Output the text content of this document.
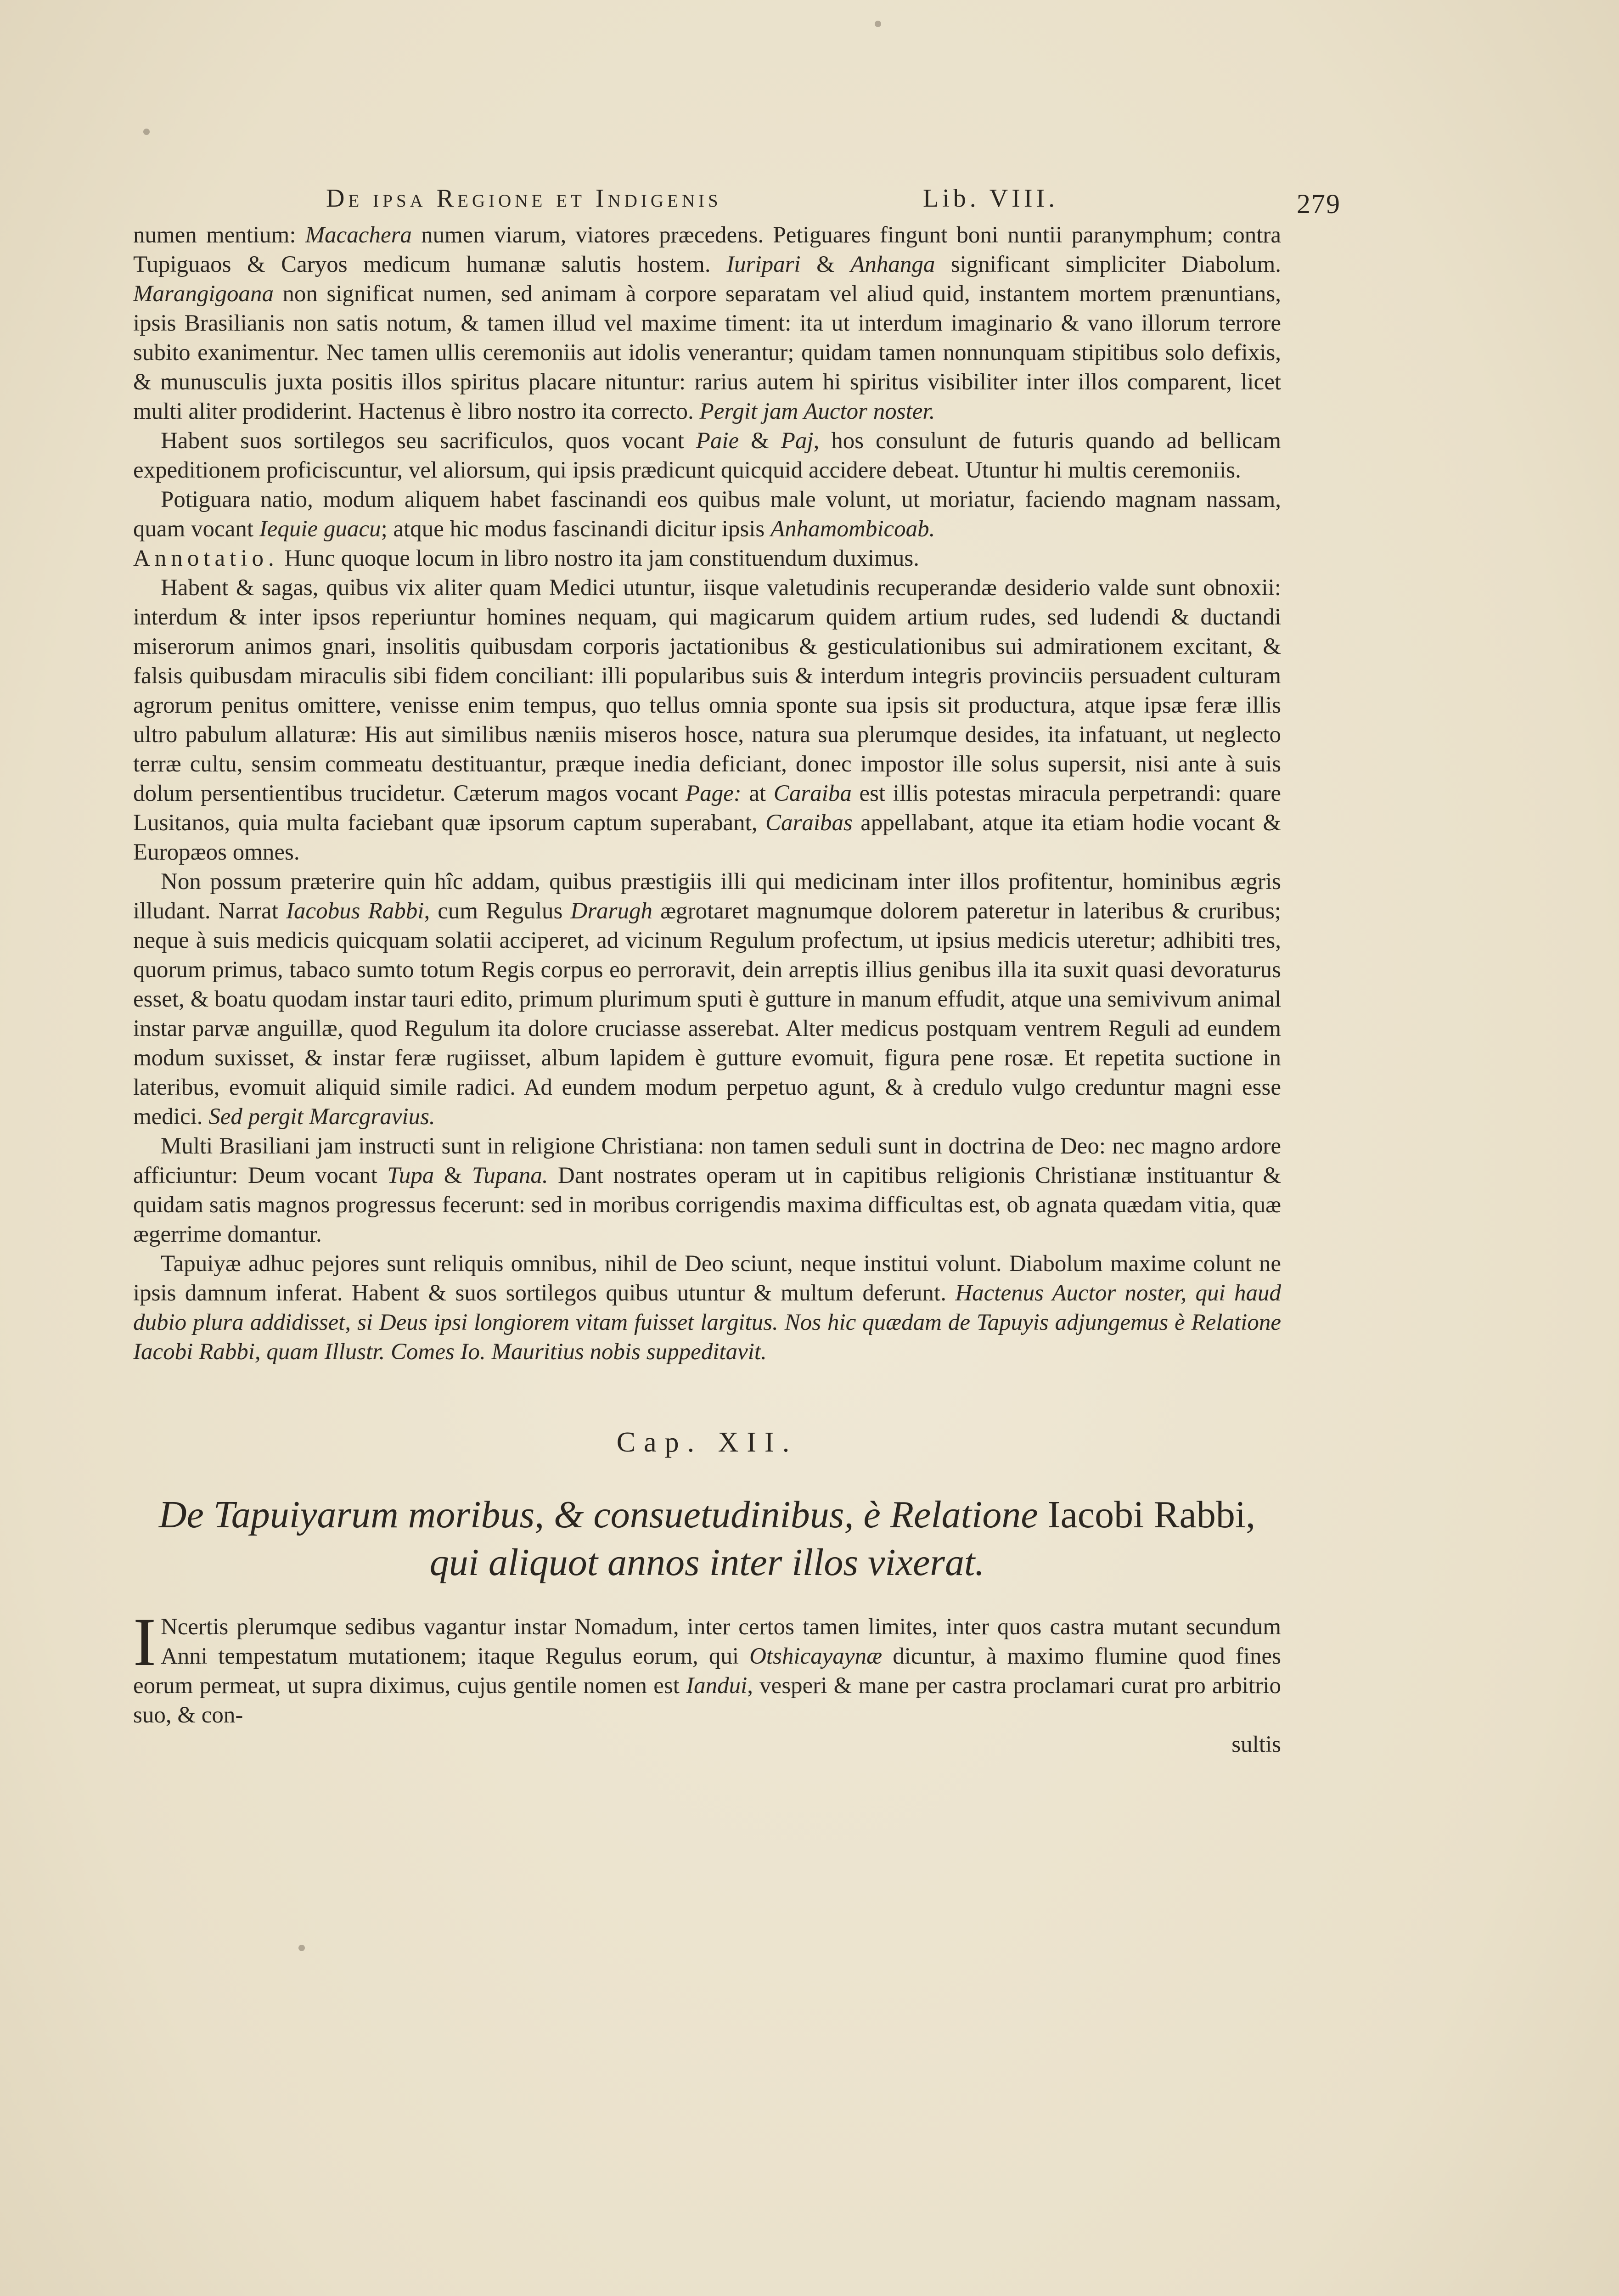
De ipsa Regione et Indigenis	Lib. VIII.	279

numen mentium: Macachera numen viarum, viatores præcedens. Petiguares fingunt boni nuntii paranymphum; contra Tupiguaos & Caryos medicum humanæ salutis hostem. Iuripari & Anhanga significant simpliciter Diabolum. Marangigoana non significat numen, sed animam à corpore separatam vel aliud quid, instantem mortem prænuntians, ipsis Brasilianis non satis notum, & tamen illud vel maxime timent: ita ut interdum imaginario & vano illorum terrore subito exanimentur. Nec tamen ullis ceremoniis aut idolis venerantur; quidam tamen nonnunquam stipitibus solo defixis, & munusculis juxta positis illos spiritus placare nituntur: rarius autem hi spiritus visibiliter inter illos comparent, licet multi aliter prodiderint. Hactenus è libro nostro ita correcto. Pergit jam Auctor noster.

Habent suos sortilegos seu sacrificulos, quos vocant Paie & Paj, hos consulunt de futuris quando ad bellicam expeditionem proficiscuntur, vel aliorsum, qui ipsis prædicunt quicquid accidere debeat. Utuntur hi multis ceremoniis.

Potiguara natio, modum aliquem habet fascinandi eos quibus male volunt, ut moriatur, faciendo magnam nassam, quam vocant Iequie guacu; atque hic modus fascinandi dicitur ipsis Anhamombicoab.

Annotatio. Hunc quoque locum in libro nostro ita jam constituendum duximus.

Habent & sagas, quibus vix aliter quam Medici utuntur, iisque valetudinis recuperandæ desiderio valde sunt obnoxii: interdum & inter ipsos reperiuntur homines nequam, qui magicarum quidem artium rudes, sed ludendi & ductandi miserorum animos gnari, insolitis quibusdam corporis jactationibus & gesticulationibus sui admirationem excitant, & falsis quibusdam miraculis sibi fidem conciliant: illi popularibus suis & interdum integris provinciis persuadent culturam agrorum penitus omittere, venisse enim tempus, quo tellus omnia sponte sua ipsis sit productura, atque ipsæ feræ illis ultro pabulum allaturæ: His aut similibus næniis miseros hosce, natura sua plerumque desides, ita infatuant, ut neglecto terræ cultu, sensim commeatu destituantur, præque inedia deficiant, donec impostor ille solus supersit, nisi ante à suis dolum persentientibus trucidetur. Cæterum magos vocant Page: at Caraiba est illis potestas miracula perpetrandi: quare Lusitanos, quia multa faciebant quæ ipsorum captum superabant, Caraibas appellabant, atque ita etiam hodie vocant & Europæos omnes.

Non possum præterire quin hîc addam, quibus præstigiis illi qui medicinam inter illos profitentur, hominibus ægris illudant. Narrat Iacobus Rabbi, cum Regulus Drarugh ægrotaret magnumque dolorem pateretur in lateribus & cruribus; neque à suis medicis quicquam solatii acciperet, ad vicinum Regulum profectum, ut ipsius medicis uteretur; adhibiti tres, quorum primus, tabaco sumto totum Regis corpus eo perroravit, dein arreptis illius genibus illa ita suxit quasi devoraturus esset, & boatu quodam instar tauri edito, primum plurimum sputi è gutture in manum effudit, atque una semivivum animal instar parvæ anguillæ, quod Regulum ita dolore cruciasse asserebat. Alter medicus postquam ventrem Reguli ad eundem modum suxisset, & instar feræ rugiisset, album lapidem è gutture evomuit, figura pene rosæ. Et repetita suctione in lateribus, evomuit aliquid simile radici. Ad eundem modum perpetuo agunt, & à credulo vulgo creduntur magni esse medici. Sed pergit Marcgravius.

Multi Brasiliani jam instructi sunt in religione Christiana: non tamen seduli sunt in doctrina de Deo: nec magno ardore afficiuntur: Deum vocant Tupa & Tupana. Dant nostrates operam ut in capitibus religionis Christianæ instituantur & quidam satis magnos progressus fecerunt: sed in moribus corrigendis maxima difficultas est, ob agnata quædam vitia, quæ ægerrime domantur.

Tapuiyæ adhuc pejores sunt reliquis omnibus, nihil de Deo sciunt, neque institui volunt. Diabolum maxime colunt ne ipsis damnum inferat. Habent & suos sortilegos quibus utuntur & multum deferunt. Hactenus Auctor noster, qui haud dubio plura addidisset, si Deus ipsi longiorem vitam fuisset largitus. Nos hic quædam de Tapuyis adjungemus è Relatione Iacobi Rabbi, quam Illustr. Comes Io. Mauritius nobis suppeditavit.

Cap. XII.
De Tapuiyarum moribus, & consuetudinibus, è Relatione Iacobi Rabbi,
qui aliquot annos inter illos vixerat.

I Ncertis plerumque sedibus vagantur instar Nomadum, inter certos tamen limites, inter quos castra mutant secundum Anni tempestatum mutationem; itaque Regulus eorum, qui Otshicayaynæ dicuntur, à maximo flumine quod fines eorum permeat, ut supra diximus, cujus gentile nomen est Iandui, vesperi & mane per castra proclamari curat pro arbitrio suo, & con-

sultis
